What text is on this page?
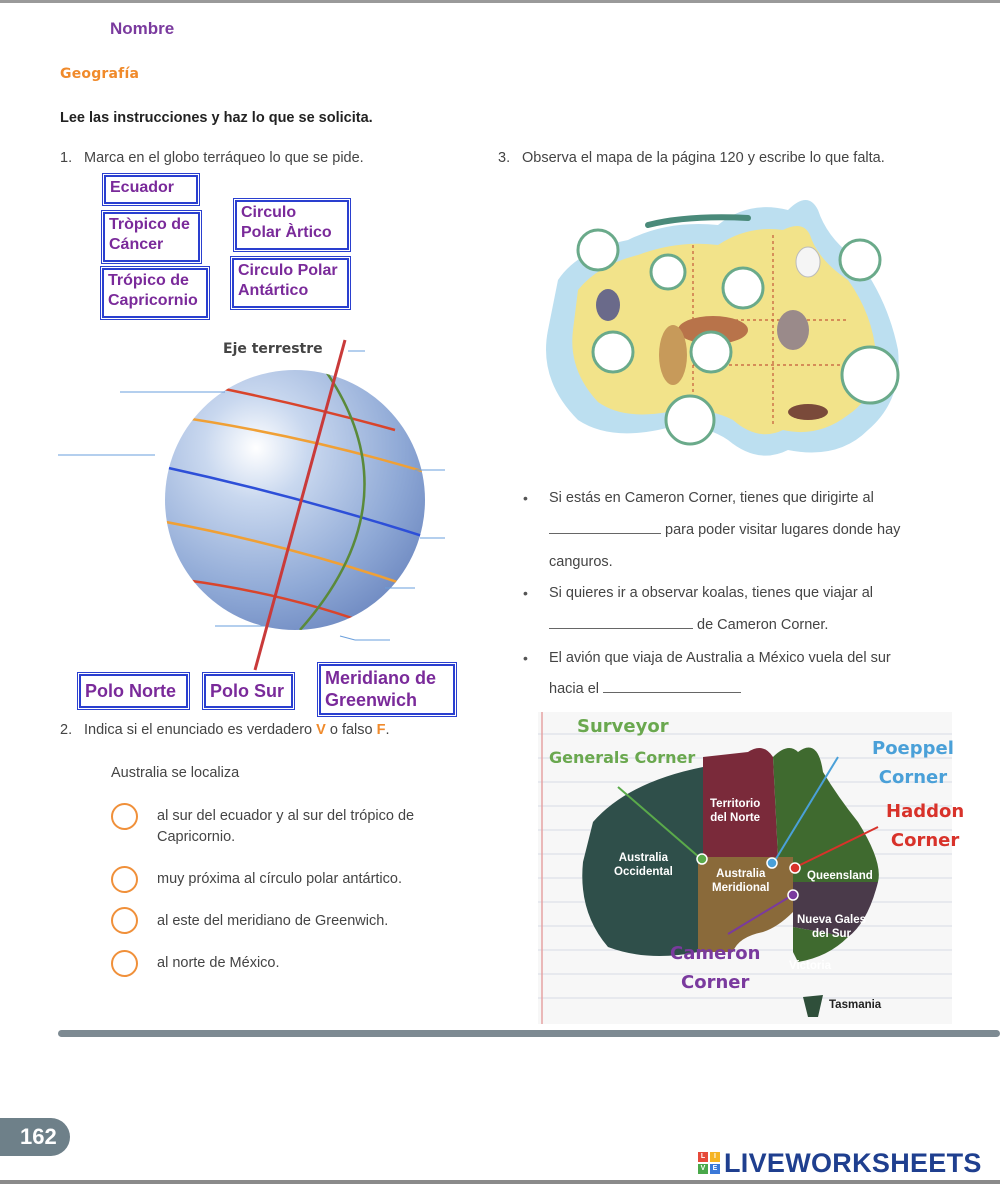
Nombre
Geografía
Lee las instrucciones y haz lo que se solicita.
1. Marca en el globo terráqueo lo que se pide.
Ecuador
Tròpico de
Cáncer
Circulo
Polar Àrtico
Trópico de
Capricornio
Circulo Polar
Antártico
Eje terrestre
Polo Norte	Polo Sur
Meridiano de
Greenwich
2. Indica si el enunciado es verdadero V o falso F.
Australia se localiza
al sur del ecuador y al sur del trópico de
Capricornio.
muy próxima al círculo polar antártico.
al este del meridiano de Greenwich.
al norte de México.
3. Observa el mapa de la página 120 y escribe lo que falta.
• Si estás en Cameron Corner, tienes que dirigirte al
para poder visitar lugares donde hay
canguros.
• Si quieres ir a observar koalas, tienes que viajar al
de Cameron Corner.
• El avión que viaja de Australia a México vuela del sur
hacia el
Surveyor
Generals Corner	Poeppel
Corner
Haddon
Corner
Cameron
Corner
Territorio
del Norte
Australia
Occidental	Australia
Meridional
Queensland
Nueva Gales
del Sur
Victoria
Tasmania
162
L	I
V	E LIVEWORKSHEETS
